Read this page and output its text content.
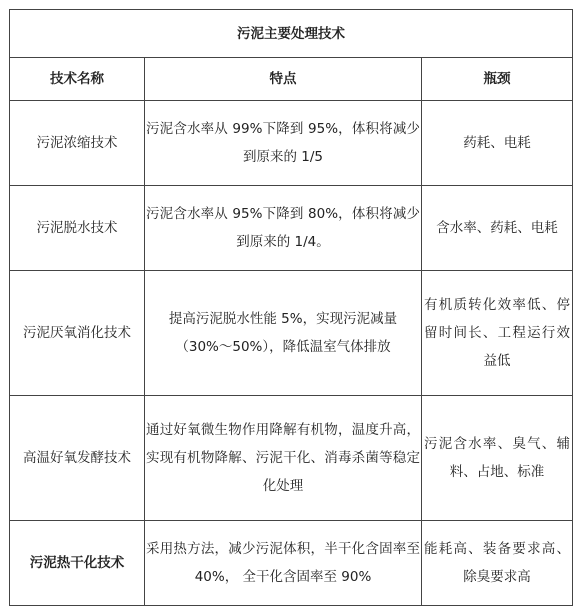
污泥主要处理技术		
技术名称	特点	瓶颈
污泥浓缩技术	污泥含水率从 99%下降到 95%，体积将减少到原来的 1/5	药耗、电耗
污泥脱水技术	污泥含水率从 95%下降到 80%，体积将减少到原来的 1/4。	含水率、药耗、电耗
污泥厌氧消化技术	提高污泥脱水性能 5%，实现污泥减量（30%～50%），降低温室气体排放	有机质转化效率低、停留时间长、工程运行效益低
高温好氧发酵技术	通过好氧微生物作用降解有机物，温度升高，实现有机物降解、污泥干化、消毒杀菌等稳定化处理	污泥含水率、臭气、辅料、占地、标准
污泥热干化技术	采用热方法，减少污泥体积，半干化含固率至 40%， 全干化含固率至 90%	能耗高、装备要求高、除臭要求高
